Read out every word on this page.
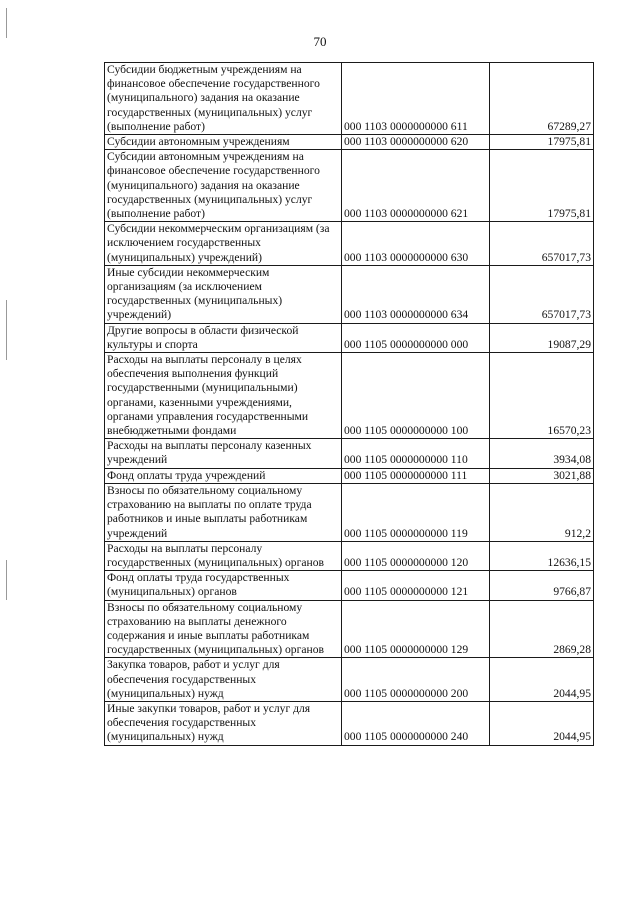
70
Субсидии бюджетным учреждениям на финансовое обеспечение государственного (муниципального) задания на оказание государственных (муниципальных) услуг (выполнение работ)	000 1103 0000000000 611	67289,27
Субсидии автономным учреждениям	000 1103 0000000000 620	17975,81
Субсидии автономным учреждениям на финансовое обеспечение государственного (муниципального) задания на оказание государственных (муниципальных) услуг (выполнение работ)	000 1103 0000000000 621	17975,81
Субсидии некоммерческим организациям (за исключением государственных (муниципальных) учреждений)	000 1103 0000000000 630	657017,73
Иные субсидии некоммерческим организациям (за исключением государственных (муниципальных) учреждений)	000 1103 0000000000 634	657017,73
Другие вопросы в области физической культуры и спорта	000 1105 0000000000 000	19087,29
Расходы на выплаты персоналу в целях обеспечения выполнения функций государственными (муниципальными) органами, казенными учреждениями, органами управления государственными внебюджетными фондами	000 1105 0000000000 100	16570,23
Расходы на выплаты персоналу казенных учреждений	000 1105 0000000000 110	3934,08
Фонд оплаты труда учреждений	000 1105 0000000000 111	3021,88
Взносы по обязательному социальному страхованию на выплаты по оплате труда работников и иные выплаты работникам учреждений	000 1105 0000000000 119	912,2
Расходы на выплаты персоналу государственных (муниципальных) органов	000 1105 0000000000 120	12636,15
Фонд оплаты труда государственных (муниципальных) органов	000 1105 0000000000 121	9766,87
Взносы по обязательному социальному страхованию на выплаты денежного содержания и иные выплаты работникам государственных (муниципальных) органов	000 1105 0000000000 129	2869,28
Закупка товаров, работ и услуг для обеспечения государственных (муниципальных) нужд	000 1105 0000000000 200	2044,95
Иные закупки товаров, работ и услуг для обеспечения государственных (муниципальных) нужд	000 1105 0000000000 240	2044,95
